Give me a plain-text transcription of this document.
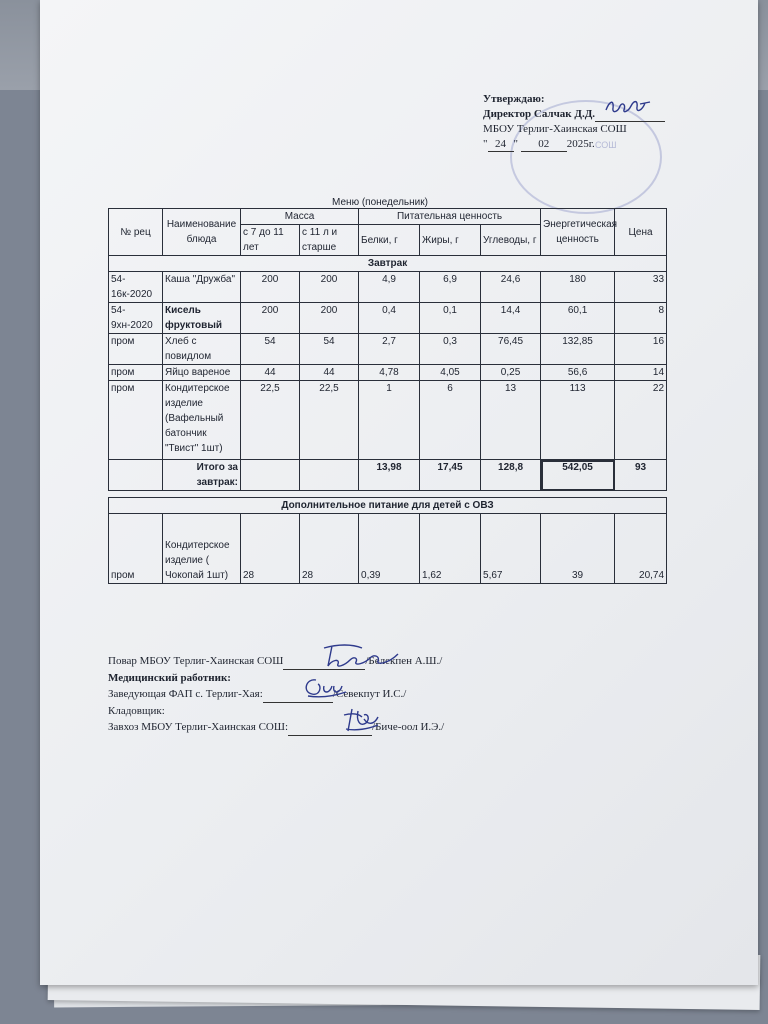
СОШ
Утверждаю:
Директор Салчак Д.Д.
МБОУ Терлиг-Хаинская СОШ
" 24 " 02 2025г.
Меню (понедельник)
№ рец	Наименование блюда	Масса		Питательная ценность			Энергетическая ценность	Цена
		с 7 до 11 лет	с 11 л и старше	Белки, г	Жиры, г	Углеводы, г		
Завтрак								
54-16к-2020	Каша "Дружба"	200	200	4,9	6,9	24,6	180	33
54-9хн-2020	Кисель фруктовый	200	200	0,4	0,1	14,4	60,1	8
пром	Хлеб с повидлом	54	54	2,7	0,3	76,45	132,85	16
пром	Яйцо вареное	44	44	4,78	4,05	0,25	56,6	14
пром	Кондитерское изделие (Вафельный батончик "Твист" 1шт)	22,5	22,5	1	6	13	113	22
	Итого за завтрак:			13,98	17,45	128,8	542,05	93

Дополнительное питание для детей с ОВЗ								
пром	Кондитерское изделие ( Чокопай 1шт)	28	28	0,39	1,62	5,67	39	20,74
Повар МБОУ Терлиг-Хаинская СОШ	/Белекпен А.Ш./
Медицинский работник:
Заведующая ФАП с. Терлиг-Хая:	/Севекпут И.С./
Кладовщик:
Завхоз МБОУ Терлиг-Хаинская СОШ:	/Биче-оол И.Э./
